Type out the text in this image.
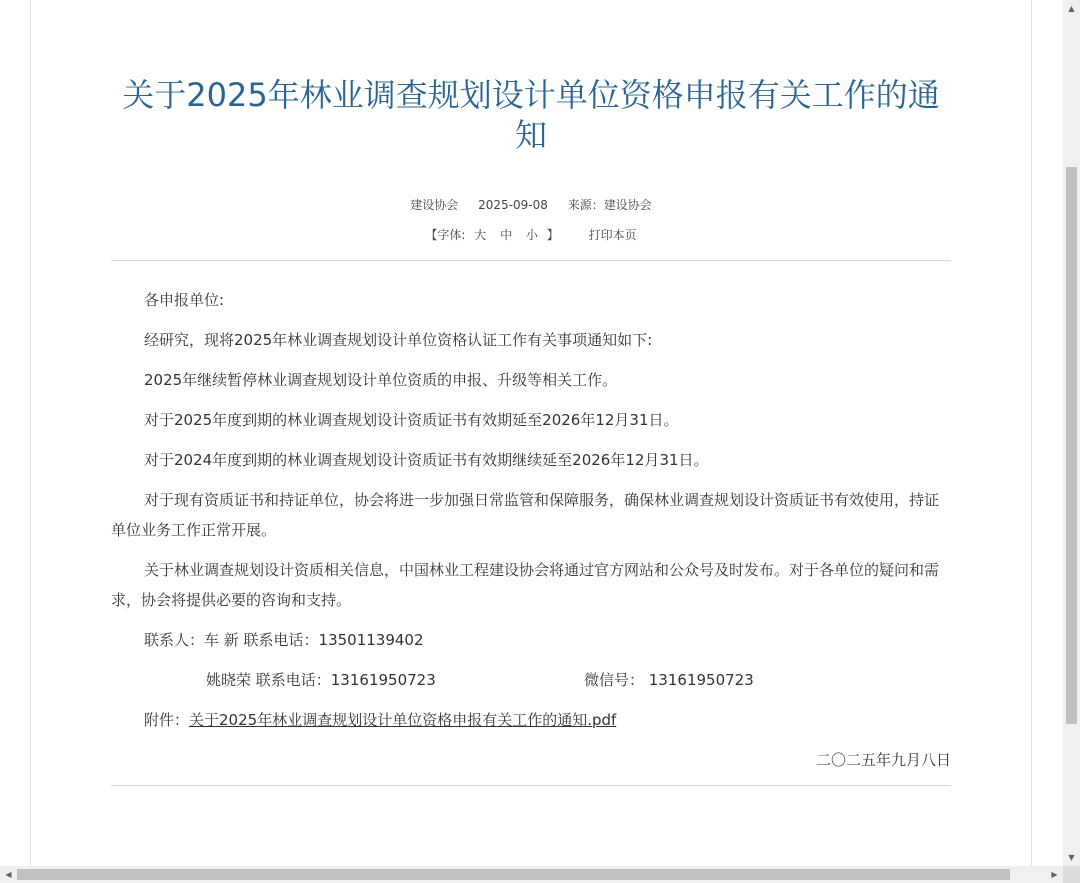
关于2025年林业调查规划设计单位资格申报有关工作的通知
建设协会 2025-09-08 来源：建设协会
【字体: 大 中 小 】 打印本页

各申报单位:

经研究，现将2025年林业调查规划设计单位资格认证工作有关事项通知如下:

2025年继续暂停林业调查规划设计单位资质的申报、升级等相关工作。

对于2025年度到期的林业调查规划设计资质证书有效期延至2026年12月31日。

对于2024年度到期的林业调查规划设计资质证书有效期继续延至2026年12月31日。

对于现有资质证书和持证单位，协会将进一步加强日常监管和保障服务，确保林业调查规划设计资质证书有效使用，持证单位业务工作正常开展。

关于林业调查规划设计资质相关信息，中国林业工程建设协会将通过官方网站和公众号及时发布。对于各单位的疑问和需求，协会将提供必要的咨询和支持。

联系人：车 新 联系电话：13501139402

姚晓荣 联系电话：13161950723	微信号： 13161950723

附件：关于2025年林业调查规划设计单位资格申报有关工作的通知.pdf

二〇二五年九月八日

▲
▼
◀	▶
